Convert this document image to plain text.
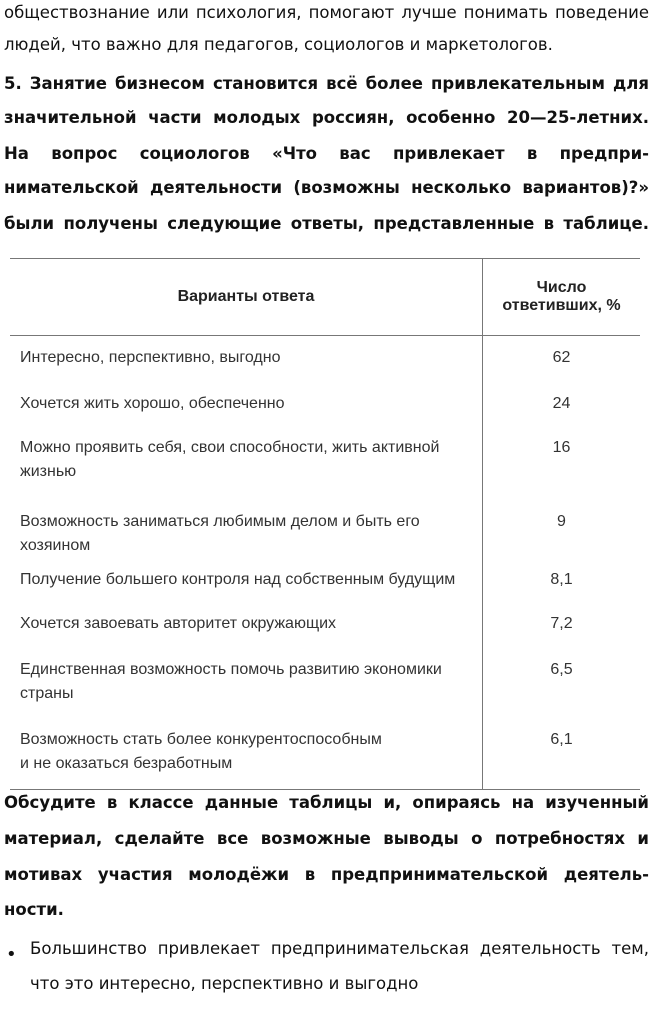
обществознание или психология, помогают лучше понимать поведение
людей, что важно для педагогов, социологов и маркетологов.
5. Занятие бизнесом становится всё более привлекательным для
значительной части молодых россиян, особенно 20—25-летних.
На вопрос социологов «Что вас привлекает в предпри-
нимательской деятельности (возможны несколько вариантов)?»
были получены следующие ответы, представленные в таблице.
Варианты ответа	Число
ответивших, %

Интересно, перспективно, выгодно	62

Хочется жить хорошо, обеспеченно	24

Можно проявить себя, свои способности, жить активной
жизнью	16

Возможность заниматься любимым делом и быть его хозяином	9

Получение большего контроля над собственным будущим	8,1

Хочется завоевать авторитет окружающих	7,2

Единственная возможность помочь развитию экономики
страны	6,5

Возможность стать более конкурентоспособным
и не оказаться безработным	6,1
Обсудите в классе данные таблицы и, опираясь на изученный
материал, сделайте все возможные выводы о потребностях и
мотивах участия молодёжи в предпринимательской деятель-
ности.
• Большинство привлекает предпринимательская деятельность тем,
что это интересно, перспективно и выгодно
